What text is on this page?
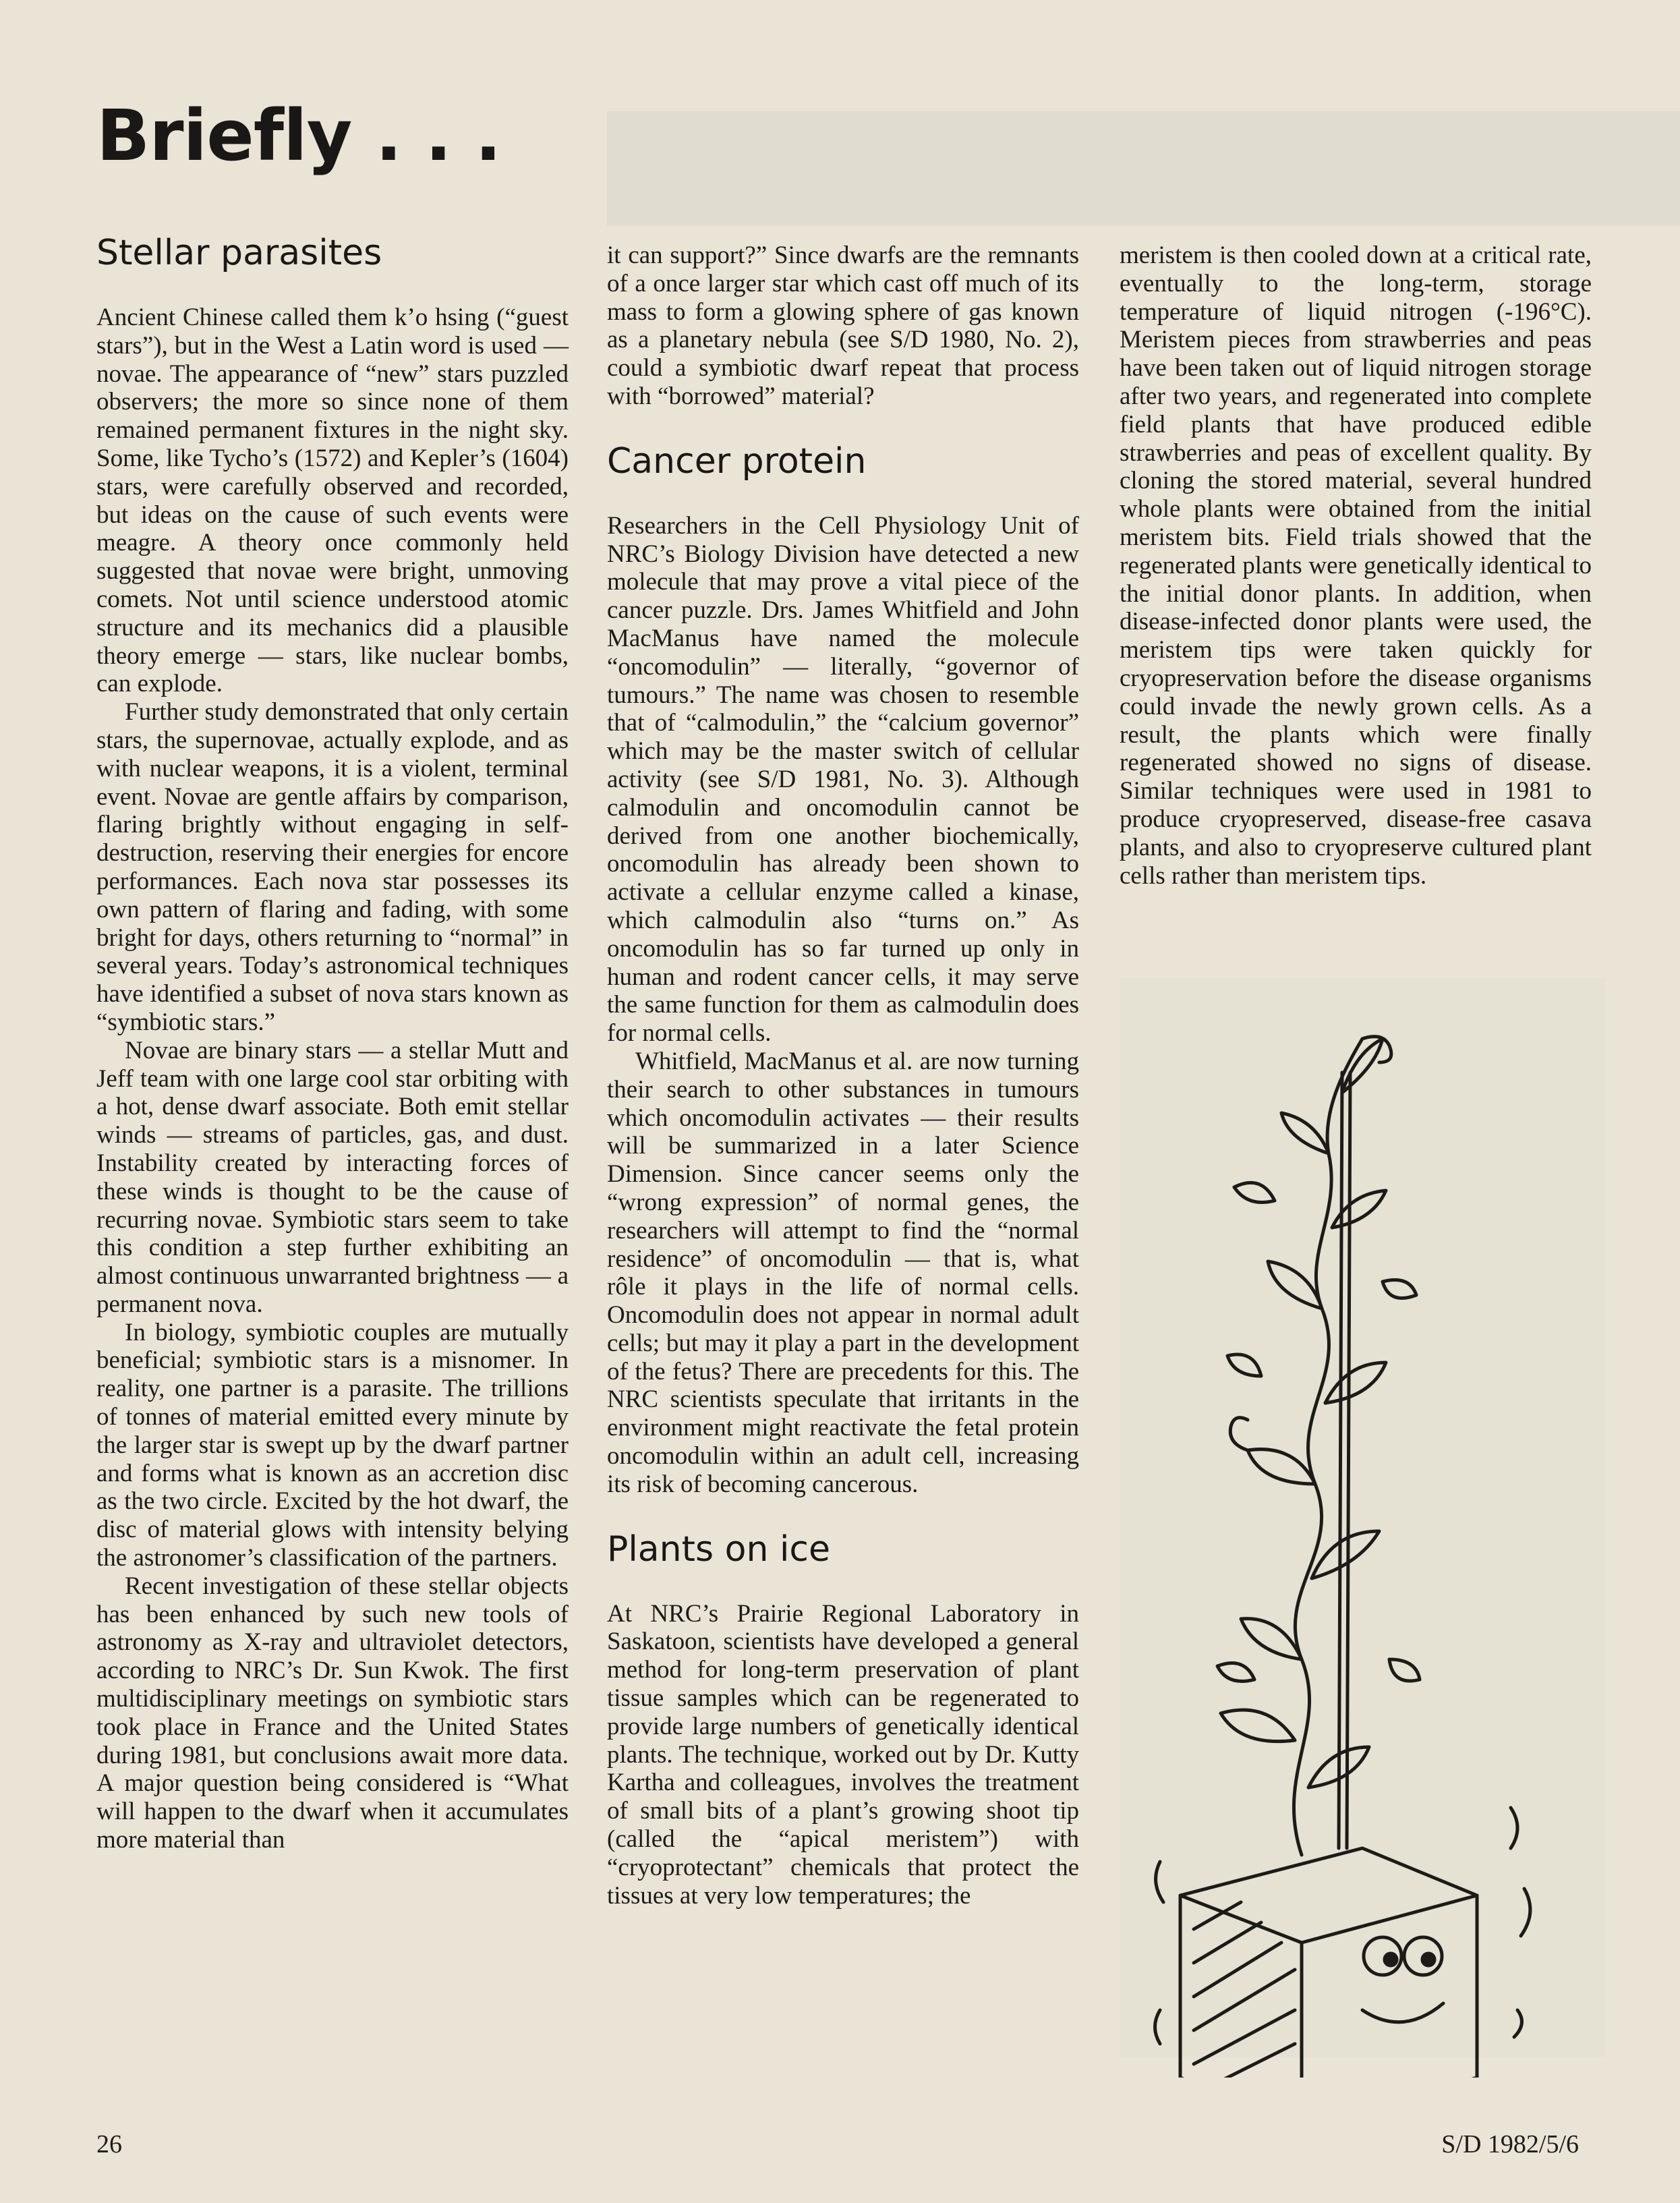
Briefly . . .
Stellar parasites

Ancient Chinese called them k’o hsing (“guest stars”), but in the West a Latin word is used — novae. The appearance of “new” stars puzzled observers; the more so since none of them remained permanent fixtures in the night sky. Some, like Tycho’s (1572) and Kepler’s (1604) stars, were carefully observed and recorded, but ideas on the cause of such events were meagre. A theory once commonly held suggested that novae were bright, unmoving comets. Not until science understood atomic structure and its mechanics did a plausible theory emerge — stars, like nuclear bombs, can explode.

Further study demonstrated that only certain stars, the supernovae, actually explode, and as with nuclear weapons, it is a violent, terminal event. Novae are gentle affairs by comparison, flaring brightly without engaging in self-destruction, reserving their energies for encore performances. Each nova star possesses its own pattern of flaring and fading, with some bright for days, others returning to “normal” in several years. Today’s astronomical techniques have identified a subset of nova stars known as “symbiotic stars.”

Novae are binary stars — a stellar Mutt and Jeff team with one large cool star orbiting with a hot, dense dwarf associate. Both emit stellar winds — streams of particles, gas, and dust. Instability created by interacting forces of these winds is thought to be the cause of recurring novae. Symbiotic stars seem to take this condition a step further exhibiting an almost continuous unwarranted brightness — a permanent nova.

In biology, symbiotic couples are mutually beneficial; symbiotic stars is a misnomer. In reality, one partner is a parasite. The trillions of tonnes of material emitted every minute by the larger star is swept up by the dwarf partner and forms what is known as an accretion disc as the two circle. Excited by the hot dwarf, the disc of material glows with intensity belying the astronomer’s classification of the partners.

Recent investigation of these stellar objects has been enhanced by such new tools of astronomy as X-ray and ultraviolet detectors, according to NRC’s Dr. Sun Kwok. The first multidisciplinary meetings on symbiotic stars took place in France and the United States during 1981, but conclusions await more data. A major question being considered is “What will happen to the dwarf when it accumulates more material than

it can support?” Since dwarfs are the remnants of a once larger star which cast off much of its mass to form a glowing sphere of gas known as a planetary nebula (see S/D 1980, No. 2), could a symbiotic dwarf repeat that process with “borrowed” material?

Cancer protein

Researchers in the Cell Physiology Unit of NRC’s Biology Division have detected a new molecule that may prove a vital piece of the cancer puzzle. Drs. James Whitfield and John MacManus have named the molecule “oncomodulin” — literally, “governor of tumours.” The name was chosen to resemble that of “calmodulin,” the “calcium governor” which may be the master switch of cellular activity (see S/D 1981, No. 3). Although calmodulin and oncomodulin cannot be derived from one another biochemically, oncomodulin has already been shown to activate a cellular enzyme called a kinase, which calmodulin also “turns on.” As oncomodulin has so far turned up only in human and rodent cancer cells, it may serve the same function for them as calmodulin does for normal cells.

Whitfield, MacManus et al. are now turning their search to other substances in tumours which oncomodulin activates — their results will be summarized in a later Science Dimension. Since cancer seems only the “wrong expression” of normal genes, the researchers will attempt to find the “normal residence” of oncomodulin — that is, what rôle it plays in the life of normal cells. Oncomodulin does not appear in normal adult cells; but may it play a part in the development of the fetus? There are precedents for this. The NRC scientists speculate that irritants in the environment might reactivate the fetal protein oncomodulin within an adult cell, increasing its risk of becoming cancerous.

Plants on ice

At NRC’s Prairie Regional Laboratory in Saskatoon, scientists have developed a general method for long-term preservation of plant tissue samples which can be regenerated to provide large numbers of genetically identical plants. The technique, worked out by Dr. Kutty Kartha and colleagues, involves the treatment of small bits of a plant’s growing shoot tip (called the “apical meristem”) with “cryoprotectant” chemicals that protect the tissues at very low temperatures; the

meristem is then cooled down at a critical rate, eventually to the long-term, storage temperature of liquid nitrogen (-196°C). Meristem pieces from strawberries and peas have been taken out of liquid nitrogen storage after two years, and regenerated into complete field plants that have produced edible strawberries and peas of excellent quality. By cloning the stored material, several hundred whole plants were obtained from the initial meristem bits. Field trials showed that the regenerated plants were genetically identical to the initial donor plants. In addition, when disease-infected donor plants were used, the meristem tips were taken quickly for cryopreservation before the disease organisms could invade the newly grown cells. As a result, the plants which were finally regenerated showed no signs of disease. Similar techniques were used in 1981 to produce cryopreserved, disease-free casava plants, and also to cryopreserve cultured plant cells rather than meristem tips.

26	S/D 1982/5/6
